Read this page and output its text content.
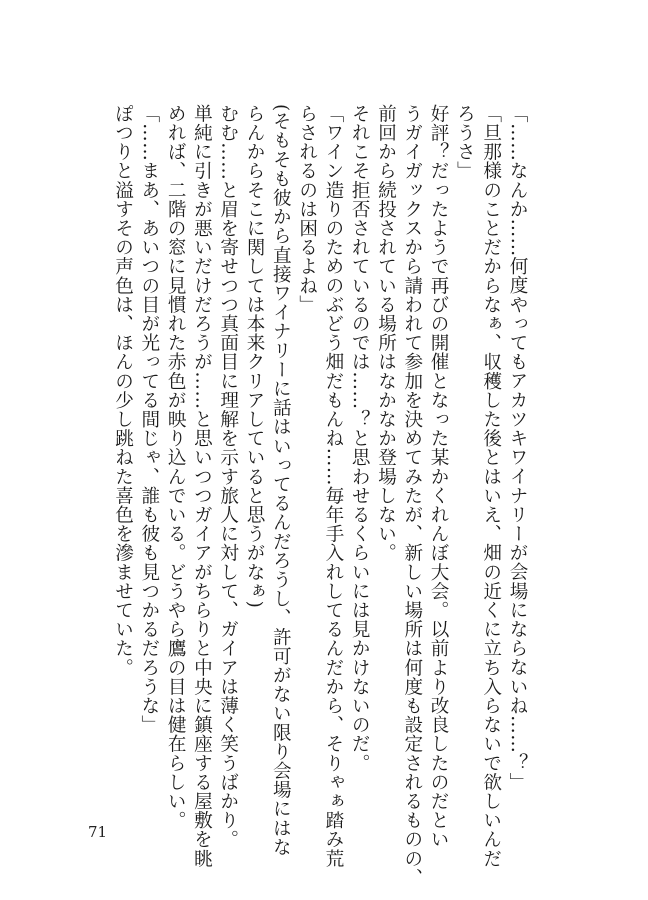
「……なんか……何度やってもアカツキワイナリーが会場にならないね……？」
「旦那様のことだからなぁ、収穫した後とはいえ、畑の近くに立ち入らないで欲しいんだ
ろうさ」
好評？だったようで再びの開催となった某かくれんぼ大会。以前より改良したのだとい
うガイガックスから請われて参加を決めてみたが、新しい場所は何度も設定されるものの、
前回から続投されている場所はなかなか登場しない。
それこそ拒否されているのでは……？と思わせるくらいには見かけないのだ。
「ワイン造りのためのぶどう畑だもんね……毎年手入れしてるんだから、そりゃぁ踏み荒
らされるのは困るよね」
(そもそも彼から直接ワイナリーに話はいってるんだろうし、許可がない限り会場にはな
らんからそこに関しては本来クリアしていると思うがなぁ)
むむ……と眉を寄せつつ真面目に理解を示す旅人に対して、ガイアは薄く笑うばかり。
単純に引きが悪いだけだろうが……と思いつつガイアがちらりと中央に鎮座する屋敷を眺
めれば、二階の窓に見慣れた赤色が映り込んでいる。どうやら鷹の目は健在らしい。
「……まあ、あいつの目が光ってる間じゃ、誰も彼も見つかるだろうな」
ぽつりと溢すその声色は、ほんの少し跳ねた喜色を滲ませていた。
71
